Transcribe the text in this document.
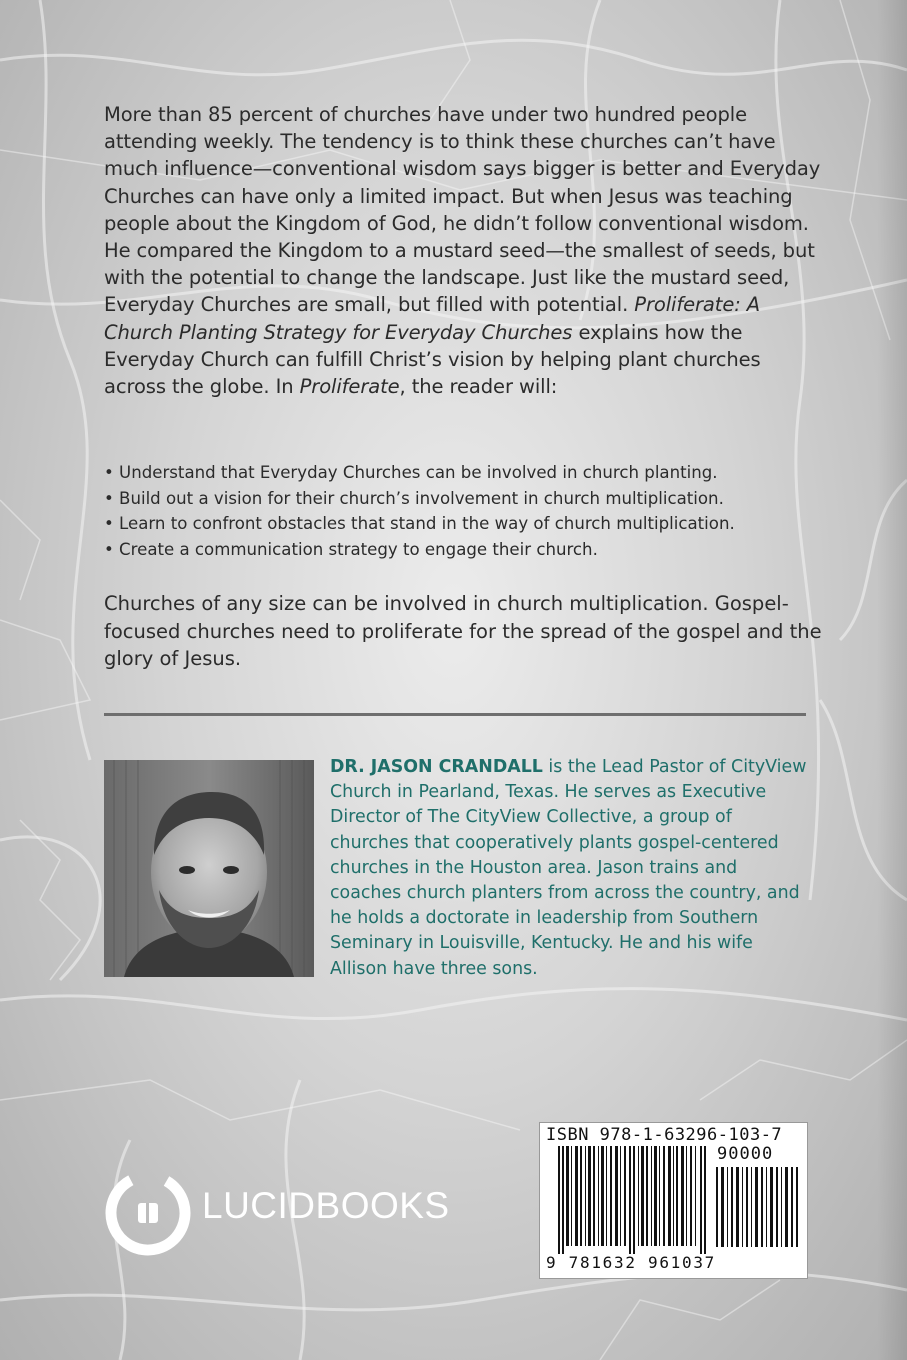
More than 85 percent of churches have under two hundred people attending weekly. The tendency is to think these churches can’t have much influence—conventional wisdom says bigger is better and Everyday Churches can have only a limited impact. But when Jesus was teaching people about the Kingdom of God, he didn’t follow conventional wisdom. He compared the Kingdom to a mustard seed—the smallest of seeds, but with the potential to change the landscape. Just like the mustard seed, Everyday Churches are small, but filled with potential. Proliferate: A Church Planting Strategy for Everyday Churches explains how the Everyday Church can fulfill Christ’s vision by helping plant churches across the globe. In Proliferate, the reader will:

• Understand that Everyday Churches can be involved in church planting.
• Build out a vision for their church’s involvement in church multiplication.
• Learn to confront obstacles that stand in the way of church multiplication.
• Create a communication strategy to engage their church.

Churches of any size can be involved in church multiplication. Gospel-focused churches need to proliferate for the spread of the gospel and the glory of Jesus.

DR. JASON CRANDALL is the Lead Pastor of CityView Church in Pearland, Texas. He serves as Executive Director of The CityView Collective, a group of churches that cooperatively plants gospel-centered churches in the Houston area. Jason trains and coaches church planters from across the country, and he holds a doctorate in leadership from Southern Seminary in Louisville, Kentucky. He and his wife Allison have three sons.

LUCIDBOOKS
ISBN 978-1-63296-103-7
90000
9 781632 961037
